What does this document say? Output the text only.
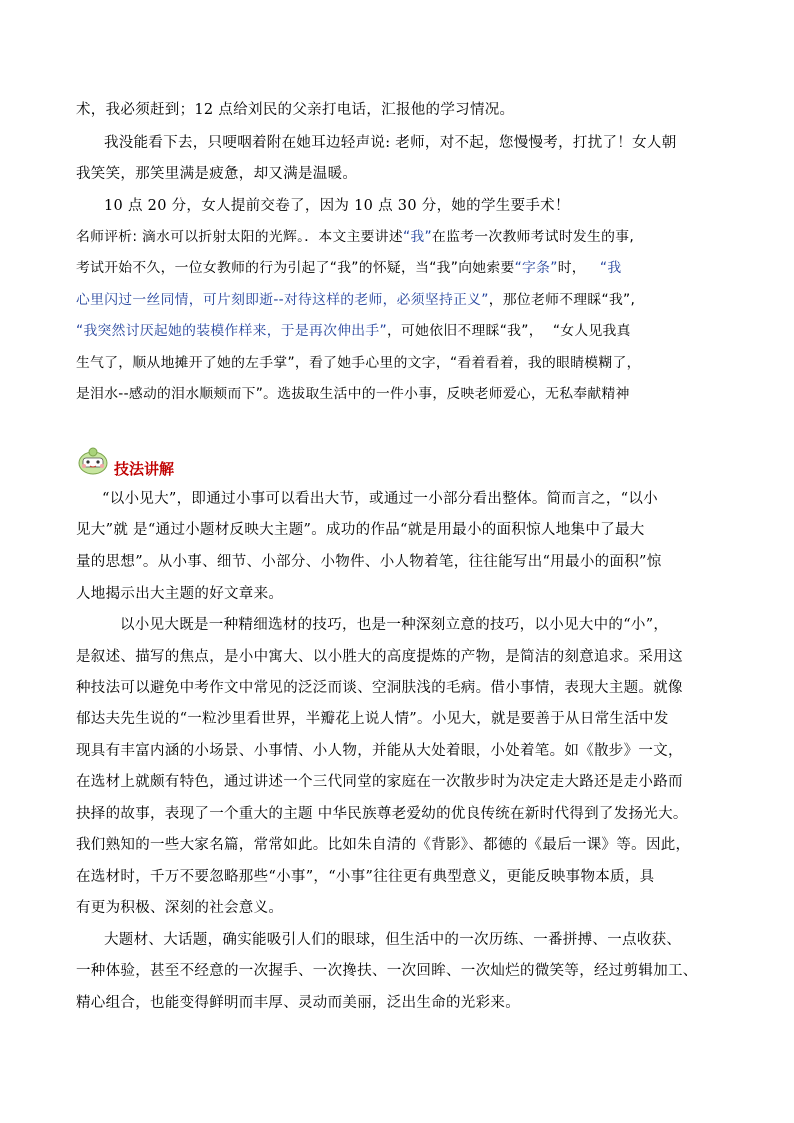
术，我必须赶到；12 点给刘民的父亲打电话，汇报他的学习情况。
我没能看下去，只哽咽着附在她耳边轻声说: 老师，对不起，您慢慢考，打扰了！女人朝
我笑笑，那笑里满是疲惫，却又满是温暖。
10 点 20 分，女人提前交卷了，因为 10 点 30 分，她的学生要手术！
名师评析: 滴水可以折射太阳的光辉。．本文主要讲述“我”在监考一次教师考试时发生的事,
考试开始不久，一位女教师的行为引起了“我”的怀疑，当“我”向她索要“字条”时， “我
心里闪过一丝同情，可片刻即逝--对待这样的老师，必须坚持正义”，那位老师不理睬“我”,
“我突然讨厌起她的装模作样来，于是再次伸出手”，可她依旧不理睬“我”， “女人见我真
生气了，顺从地摊开了她的左手掌”，看了她手心里的文字，“看着看着，我的眼睛模糊了，
是泪水--感动的泪水顺颊而下”。选拔取生活中的一件小事，反映老师爱心，无私奉献精神
技法讲解
“以小见大”，即通过小事可以看出大节，或通过一小部分看出整体。简而言之，“以小
见大”就 是“通过小题材反映大主题”。成功的作品“就是用最小的面积惊人地集中了最大
量的思想”。从小事、细节、小部分、小物件、小人物着笔，往往能写出“用最小的面积”惊
人地揭示出大主题的好文章来。
以小见大既是一种精细选材的技巧，也是一种深刻立意的技巧，以小见大中的“小”，
是叙述、描写的焦点，是小中寓大、以小胜大的高度提炼的产物，是简洁的刻意追求。采用这
种技法可以避免中考作文中常见的泛泛而谈、空洞肤浅的毛病。借小事情，表现大主题。就像
郁达夫先生说的“一粒沙里看世界，半瓣花上说人情”。小见大，就是要善于从日常生活中发
现具有丰富内涵的小场景、小事情、小人物，并能从大处着眼，小处着笔。如《散步》一文，
在选材上就颇有特色，通过讲述一个三代同堂的家庭在一次散步时为决定走大路还是走小路而
抉择的故事，表现了一个重大的主题 中华民族尊老爱幼的优良传统在新时代得到了发扬光大。
我们熟知的一些大家名篇，常常如此。比如朱自清的《背影》、都德的《最后一课》等。因此，
在选材时，千万不要忽略那些“小事”，“小事”往往更有典型意义，更能反映事物本质，具
有更为积极、深刻的社会意义。
大题材、大话题，确实能吸引人们的眼球，但生活中的一次历练、一番拼搏、一点收获、
一种体验，甚至不经意的一次握手、一次搀扶、一次回眸、一次灿烂的微笑等，经过剪辑加工、
精心组合，也能变得鲜明而丰厚、灵动而美丽，泛出生命的光彩来。
